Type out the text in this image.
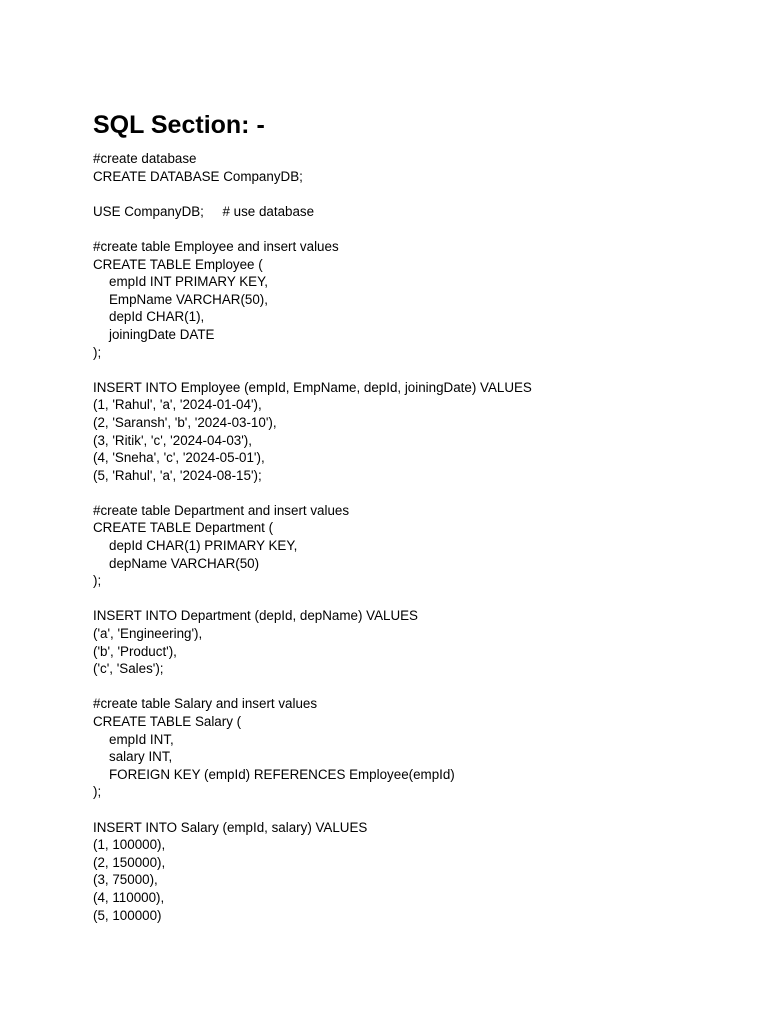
SQL Section: -
#create database
CREATE DATABASE CompanyDB;
USE CompanyDB;     # use database
#create table Employee and insert values
CREATE TABLE Employee (
empId INT PRIMARY KEY,
EmpName VARCHAR(50),
depId CHAR(1),
joiningDate DATE
);
INSERT INTO Employee (empId, EmpName, depId, joiningDate) VALUES
(1, 'Rahul', 'a', '2024-01-04'),
(2, 'Saransh', 'b', '2024-03-10'),
(3, 'Ritik', 'c', '2024-04-03'),
(4, 'Sneha', 'c', '2024-05-01'),
(5, 'Rahul', 'a', '2024-08-15');
#create table Department and insert values
CREATE TABLE Department (
depId CHAR(1) PRIMARY KEY,
depName VARCHAR(50)
);
INSERT INTO Department (depId, depName) VALUES
('a', 'Engineering'),
('b', 'Product'),
('c', 'Sales');
#create table Salary and insert values
CREATE TABLE Salary (
empId INT,
salary INT,
FOREIGN KEY (empId) REFERENCES Employee(empId)
);
INSERT INTO Salary (empId, salary) VALUES
(1, 100000),
(2, 150000),
(3, 75000),
(4, 110000),
(5, 100000)
